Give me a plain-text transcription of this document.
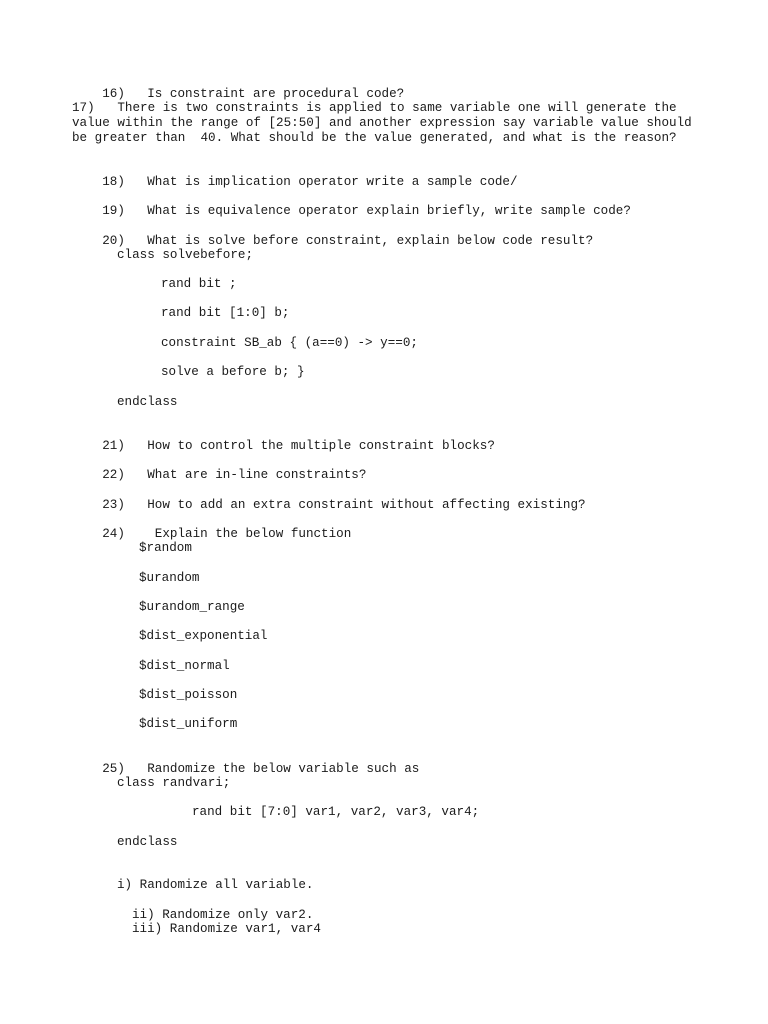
16) Is constraint are procedural code?

17)   There is two constraints is applied to same variable one will generate the value within the range of [25:50] and another expression say variable value should be greater than  40. What should be the value generated, and what is the reason?

18) What is implication operator write a sample code/

19) What is equivalence operator explain briefly, write sample code?

20) What is solve before constraint, explain below code result?

class solvebefore;
rand bit ;
rand bit [1:0] b;
constraint SB_ab { (a==0) -> y==0;
solve a before b; }
endclass

21) How to control the multiple constraint blocks?

22) What are in-line constraints?

23) How to add an extra constraint without affecting existing?

24) Explain the below function

$random
$urandom
$urandom_range
$dist_exponential
$dist_normal
$dist_poisson
$dist_uniform

25) Randomize the below variable such as

class randvari;
rand bit [7:0] var1, var2, var3, var4;
endclass
i) Randomize all variable.
ii) Randomize only var2.
iii) Randomize var1, var4
